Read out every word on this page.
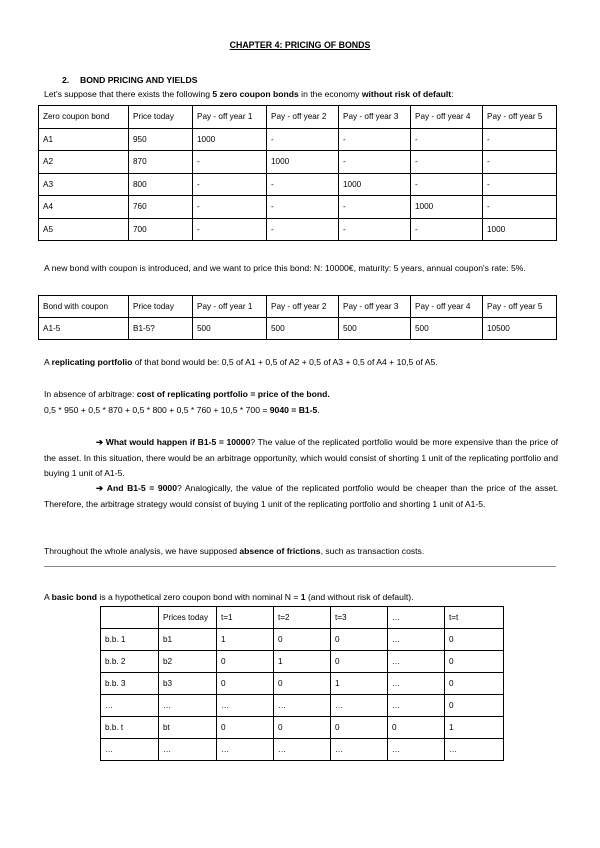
CHAPTER 4: PRICING OF BONDS
2. BOND PRICING AND YIELDS
Let's suppose that there exists the following 5 zero coupon bonds in the economy without risk of default:
Zero coupon bond	Price today	Pay - off year 1	Pay - off year 2	Pay - off year 3	Pay - off year 4	Pay - off year 5
A1	950	1000	-	-	-	-
A2	870	-	1000	-	-	-
A3	800	-	-	1000	-	-
A4	760	-	-	-	1000	-
A5	700	-	-	-	-	1000
A new bond with coupon is introduced, and we want to price this bond: N: 10000€, maturity: 5 years, annual coupon's rate: 5%.
Bond with coupon	Price today	Pay - off year 1	Pay - off year 2	Pay - off year 3	Pay - off year 4	Pay - off year 5
A1-5	B1-5?	500	500	500	500	10500
A replicating portfolio of that bond would be: 0,5 of A1 + 0,5 of A2 + 0,5 of A3 + 0,5 of A4 + 10,5 of A5.
In absence of arbitrage: cost of replicating portfolio = price of the bond.
0,5 * 950 + 0,5 * 870 + 0,5 * 800 + 0,5 * 760 + 10,5 * 700 = 9040 = B1-5.
➔ What would happen if B1-5 = 10000? The value of the replicated portfolio would be more expensive than the price of the asset. In this situation, there would be an arbitrage opportunity, which would consist of shorting 1 unit of the replicating portfolio and buying 1 unit of A1-5.
➔ And B1-5 = 9000? Analogically, the value of the replicated portfolio would be cheaper than the price of the asset. Therefore, the arbitrage strategy would consist of buying 1 unit of the replicating portfolio and shorting 1 unit of A1-5.
Throughout the whole analysis, we have supposed absence of frictions, such as transaction costs.
A basic bond is a hypothetical zero coupon bond with nominal N = 1 (and without risk of default).
	Prices today	t=1	t=2	t=3	…	t=t
b.b. 1	b1	1	0	0	…	0
b.b. 2	b2	0	1	0	…	0
b.b. 3	b3	0	0	1	…	0
…	…	…	…	…	…	0
b.b. t	bt	0	0	0	0	1
…	…	…	…	…	…	…
